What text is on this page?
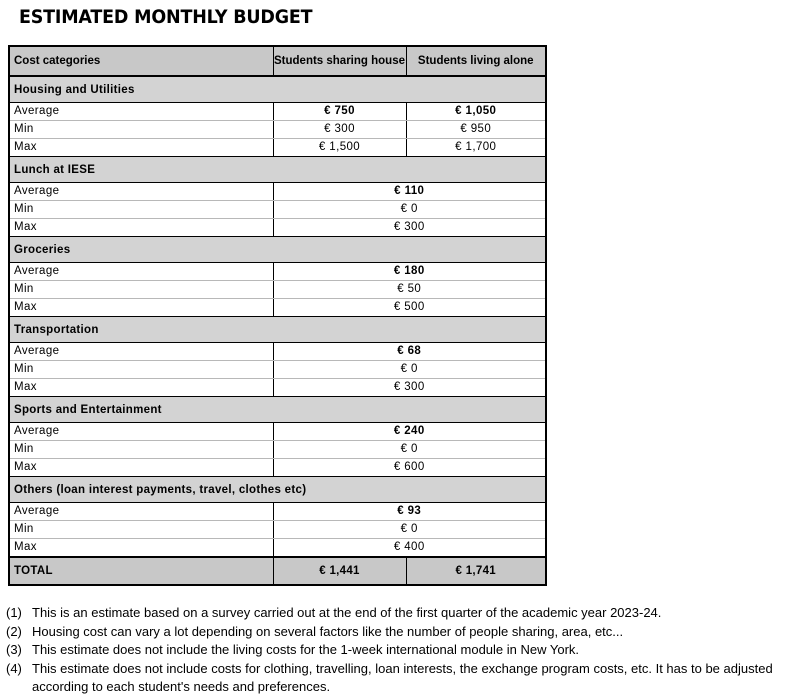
ESTIMATED MONTHLY BUDGET
Cost categories	Students sharing house	Students living alone
Housing and Utilities		
Average	€ 750	€ 1,050
Min	€ 300	€ 950
Max	€ 1,500	€ 1,700
Lunch at IESE		
Average	€ 110	
Min	€ 0	
Max	€ 300	
Groceries		
Average	€ 180	
Min	€ 50	
Max	€ 500	
Transportation		
Average	€ 68	
Min	€ 0	
Max	€ 300	
Sports and Entertainment		
Average	€ 240	
Min	€ 0	
Max	€ 600	
Others (loan interest payments, travel, clothes etc)		
Average	€ 93	
Min	€ 0	
Max	€ 400	
TOTAL	€ 1,441	€ 1,741
(1) This is an estimate based on a survey carried out at the end of the first quarter of the academic year 2023-24.
(2) Housing cost can vary a lot depending on several factors like the number of people sharing, area, etc...
(3) This estimate does not include the living costs for the 1-week international module in New York.
(4) This estimate does not include costs for clothing, travelling, loan interests, the exchange program costs, etc. It has to be adjusted according to each student's needs and preferences.
